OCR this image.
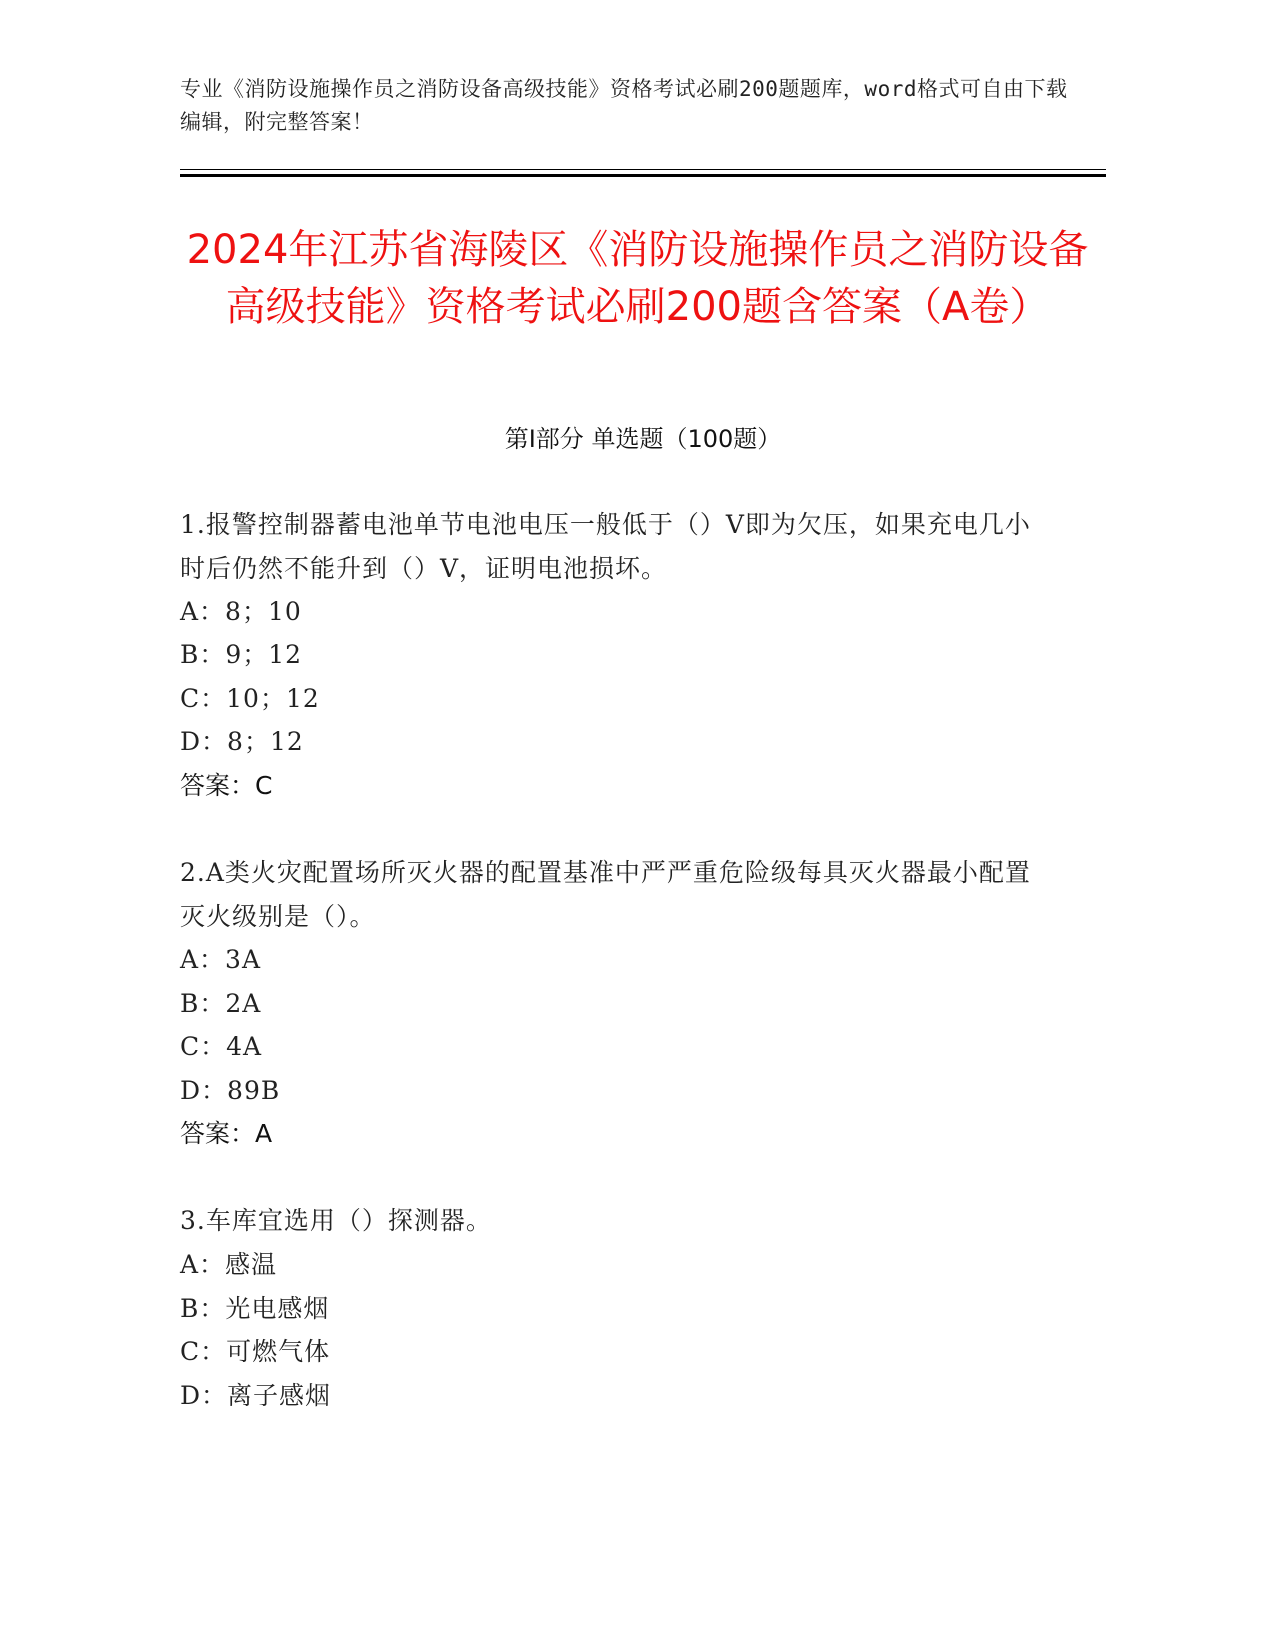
专业《消防设施操作员之消防设备高级技能》资格考试必刷200题题库，word格式可自由下载编辑，附完整答案！
2024年江苏省海陵区《消防设施操作员之消防设备高级技能》资格考试必刷200题含答案（A卷）
第Ⅰ部分 单选题（100题）
1.报警控制器蓄电池单节电池电压一般低于（）V即为欠压，如果充电几小时后仍然不能升到（）V，证明电池损坏。
A：8；10
B：9；12
C：10；12
D：8；12
答案：C
2.A类火灾配置场所灭火器的配置基准中严严重危险级每具灭火器最小配置灭火级别是（）。
A：3A
B：2A
C：4A
D：89B
答案：A
3.车库宜选用（）探测器。
A：感温
B：光电感烟
C：可燃气体
D：离子感烟
